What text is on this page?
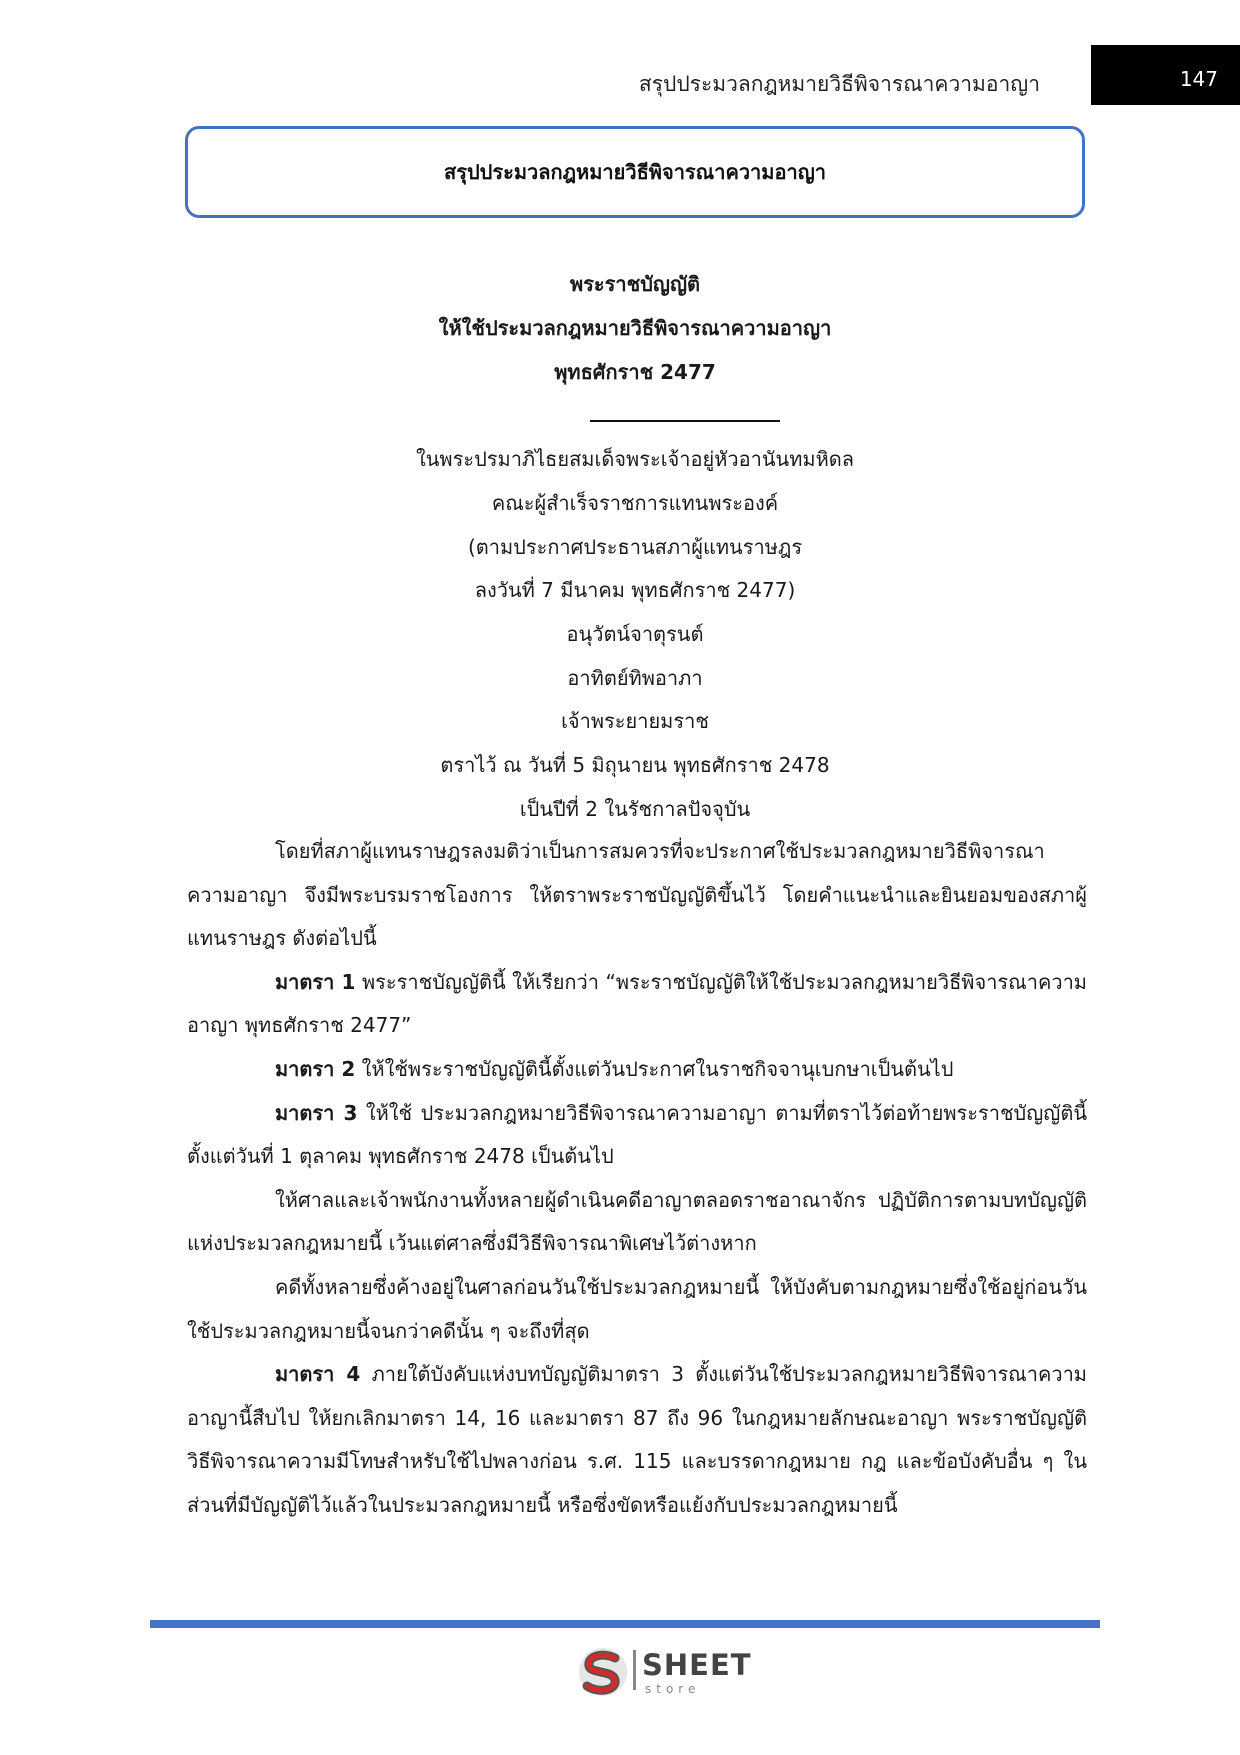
สรุปประมวลกฎหมายวิธีพิจารณาความอาญา	147
สรุปประมวลกฎหมายวิธีพิจารณาความอาญา
พระราชบัญญัติ
ให้ใช้ประมวลกฎหมายวิธีพิจารณาความอาญา
พุทธศักราช 2477
ในพระปรมาภิไธยสมเด็จพระเจ้าอยู่หัวอานันทมหิดล
คณะผู้สำเร็จราชการแทนพระองค์
(ตามประกาศประธานสภาผู้แทนราษฎร
ลงวันที่ 7 มีนาคม พุทธศักราช 2477)
อนุวัตน์จาตุรนต์
อาทิตย์ทิพอาภา
เจ้าพระยายมราช
ตราไว้ ณ วันที่ 5 มิถุนายน พุทธศักราช 2478
เป็นปีที่ 2 ในรัชกาลปัจจุบัน

โดยที่สภาผู้แทนราษฎรลงมติว่าเป็นการสมควรที่จะประกาศใช้ประมวลกฎหมายวิธีพิจารณาความอาญา จึงมีพระบรมราชโองการ ให้ตราพระราชบัญญัติขึ้นไว้ โดยคำแนะนำและยินยอมของสภาผู้แทนราษฎร ดังต่อไปนี้

มาตรา 1 พระราชบัญญัตินี้ ให้เรียกว่า “พระราชบัญญัติให้ใช้ประมวลกฎหมายวิธีพิจารณาความอาญา พุทธศักราช 2477”

มาตรา 2 ให้ใช้พระราชบัญญัตินี้ตั้งแต่วันประกาศในราชกิจจานุเบกษาเป็นต้นไป

มาตรา 3 ให้ใช้ ประมวลกฎหมายวิธีพิจารณาความอาญา ตามที่ตราไว้ต่อท้ายพระราชบัญญัตินี้ตั้งแต่วันที่ 1 ตุลาคม พุทธศักราช 2478 เป็นต้นไป

ให้ศาลและเจ้าพนักงานทั้งหลายผู้ดำเนินคดีอาญาตลอดราชอาณาจักร ปฏิบัติการตามบทบัญญัติแห่งประมวลกฎหมายนี้ เว้นแต่ศาลซึ่งมีวิธีพิจารณาพิเศษไว้ต่างหาก

คดีทั้งหลายซึ่งค้างอยู่ในศาลก่อนวันใช้ประมวลกฎหมายนี้ ให้บังคับตามกฎหมายซึ่งใช้อยู่ก่อนวันใช้ประมวลกฎหมายนี้จนกว่าคดีนั้น ๆ จะถึงที่สุด

มาตรา 4 ภายใต้บังคับแห่งบทบัญญัติมาตรา 3 ตั้งแต่วันใช้ประมวลกฎหมายวิธีพิจารณาความอาญานี้สืบไป ให้ยกเลิกมาตรา 14, 16 และมาตรา 87 ถึง 96 ในกฎหมายลักษณะอาญา พระราชบัญญัติวิธีพิจารณาความมีโทษสำหรับใช้ไปพลางก่อน ร.ศ. 115 และบรรดากฎหมาย กฎ และข้อบังคับอื่น ๆ ในส่วนที่มีบัญญัติไว้แล้วในประมวลกฎหมายนี้ หรือซึ่งขัดหรือแย้งกับประมวลกฎหมายนี้

SHEET
store
